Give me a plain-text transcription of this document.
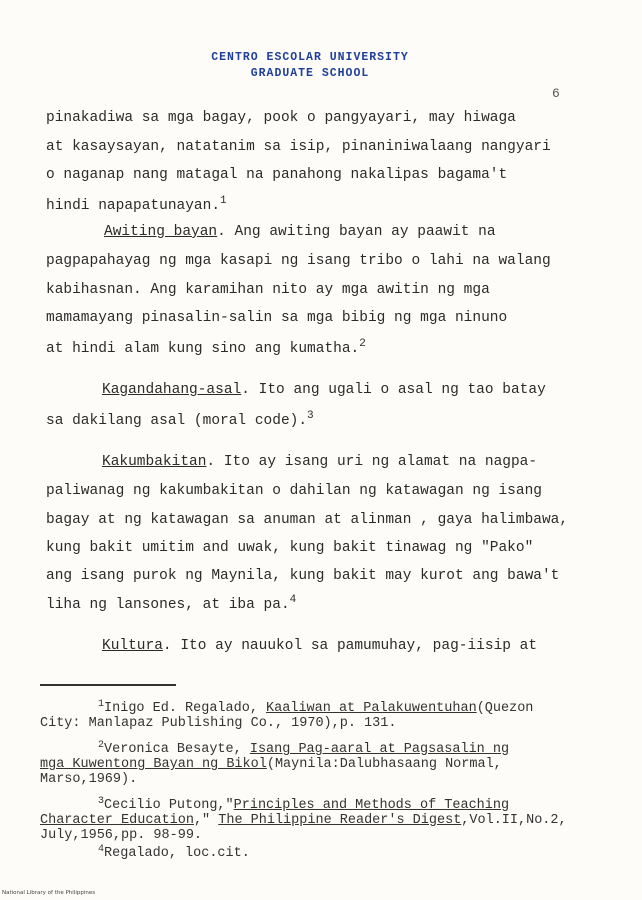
CENTRO ESCOLAR UNIVERSITY
GRADUATE SCHOOL
6
pinakadiwa sa mga bagay, pook o pangyayari, may hiwaga
at kasaysayan, natatanim sa isip, pinaniniwalaang nangyari
o naganap nang matagal na panahong nakalipas bagama't
hindi napapatunayan.$^1$
Awiting bayan. Ang awiting bayan ay paawit na
pagpapahayag ng mga kasapi ng isang tribo o lahi na walang
kabihasnan. Ang karamihan nito ay mga awitin ng mga
mamamayang pinasalin-salin sa mga bibig ng mga ninuno
at hindi alam kung sino ang kumatha.$^2$
Kagandahang-asal. Ito ang ugali o asal ng tao batay
sa dakilang asal (moral code).$^3$
Kakumbakitan. Ito ay isang uri ng alamat na nagpa-
paliwanag ng kakumbakitan o dahilan ng katawagan ng isang
bagay at ng katawagan sa anuman at alinman , gaya halimbawa,
kung bakit umitim and uwak, kung bakit tinawag ng "Pako"
ang isang purok ng Maynila, kung bakit may kurot ang bawa't
liha ng lansones, at iba pa.$^4$
Kultura. Ito ay nauukol sa pamumuhay, pag-iisip at
$^1$Inigo Ed. Regalado, Kaaliwan at Palakuwentuhan(Quezon
City: Manlapaz Publishing Co., 1970),p. 131.
$^2$Veronica Besayte, Isang Pag-aaral at Pagsasalin ng
mga Kuwentong Bayan ng Bikol(Maynila:Dalubhasaang Normal,
Marso,1969).
$^3$Cecilio Putong,"Principles and Methods of Teaching
Character Education," The Philippine Reader's Digest,Vol.II,No.2,
July,1956,pp. 98-99.
$^4$Regalado, loc.cit.
National Library of the Philippines
